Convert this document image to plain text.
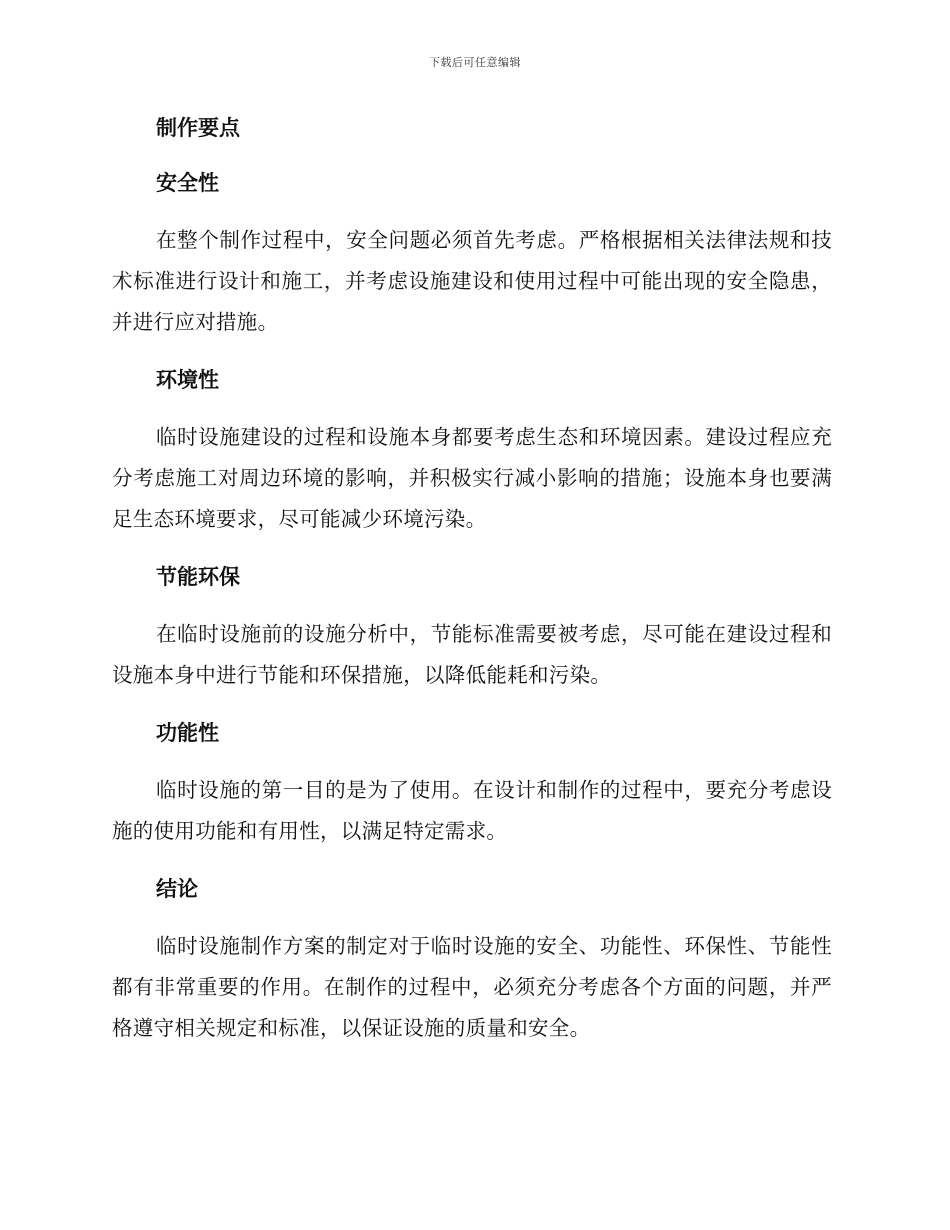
下载后可任意编辑
制作要点
安全性

在整个制作过程中，安全问题必须首先考虑。严格根据相关法律法规和技术标准进行设计和施工，并考虑设施建设和使用过程中可能出现的安全隐患，并进行应对措施。

环境性

临时设施建设的过程和设施本身都要考虑生态和环境因素。建设过程应充分考虑施工对周边环境的影响，并积极实行减小影响的措施；设施本身也要满足生态环境要求，尽可能减少环境污染。

节能环保

在临时设施前的设施分析中，节能标准需要被考虑，尽可能在建设过程和设施本身中进行节能和环保措施，以降低能耗和污染。

功能性

临时设施的第一目的是为了使用。在设计和制作的过程中，要充分考虑设施的使用功能和有用性，以满足特定需求。

结论

临时设施制作方案的制定对于临时设施的安全、功能性、环保性、节能性都有非常重要的作用。在制作的过程中，必须充分考虑各个方面的问题，并严格遵守相关规定和标准，以保证设施的质量和安全。
